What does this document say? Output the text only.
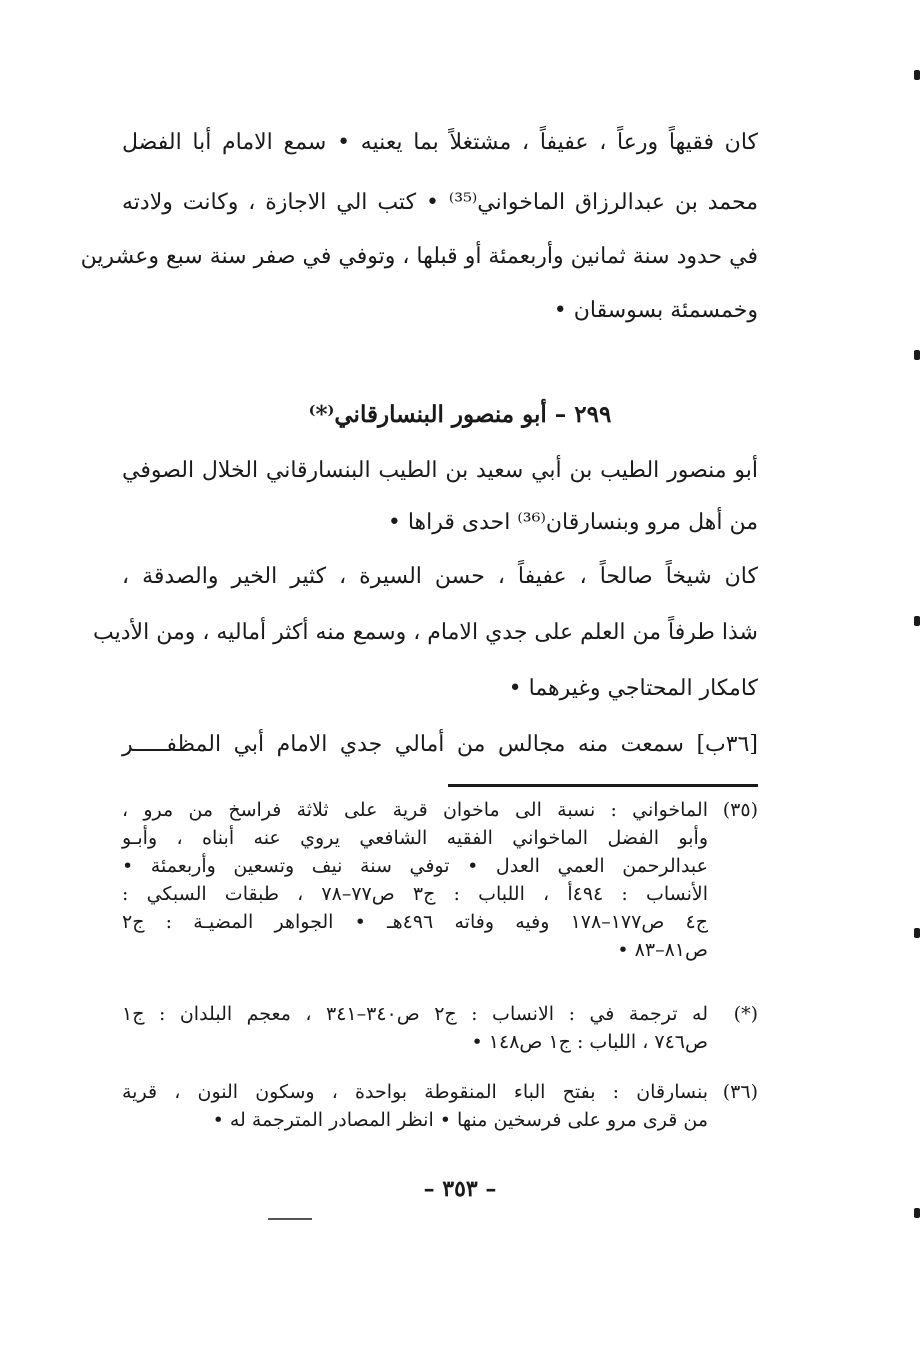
كان فقيهاً ورعاً ، عفيفاً ، مشتغلاً بما يعنيه • سمع الامام أبا الفضل
محمد بن عبدالرزاق الماخواني⁽³⁵⁾ • كتب الي الاجازة ، وكانت ولادته
في حدود سنة ثمانين وأربعمئة أو قبلها ، وتوفي في صفر سنة سبع وعشرين
وخمسمئة بسوسقان •
٢٩٩ – أبو منصور البنسارقاني⁽*⁾
أبو منصور الطيب بن أبي سعيد بن الطيب البنسارقاني الخلال الصوفي
من أهل مرو وبنسارقان⁽³⁶⁾ احدى قراها •
كان شيخاً صالحاً ، عفيفاً ، حسن السيرة ، كثير الخير والصدقة ،
شذا طرفاً من العلم على جدي الامام ، وسمع منه أكثر أماليه ، ومن الأديب
كامكار المحتاجي وغيرهما •
[٣٦ب] سمعت منه مجالس من أمالي جدي الامام أبي المظفـــــر
(٣٥)
الماخواني : نسبة الى ماخوان قرية على ثلاثة فراسخ من مرو ،
وأبو الفضل الماخواني الفقيه الشافعي يروي عنه أبناه ، وأبـو
عبدالرحمن العمي العدل • توفي سنة نيف وتسعين وأربعمئة •
الأنساب : ٤٩٤أ ، اللباب : ج٣ ص٧٧–٧٨ ، طبقات السبكي :
ج٤ ص١٧٧–١٧٨ وفيه وفاته ٤٩٦هـ • الجواهر المضيـة : ج٢
ص٨١–٨٣ •
(*)
له ترجمة في : الانساب : ج٢ ص٣٤٠–٣٤١ ، معجم البلدان : ج١
ص٧٤٦ ، اللباب : ج١ ص١٤٨ •
(٣٦)
بنسارقان : بفتح الباء المنقوطة بواحدة ، وسكون النون ، قرية
من قرى مرو على فرسخين منها • انظر المصادر المترجمة له •
– ٣٥٣ –
